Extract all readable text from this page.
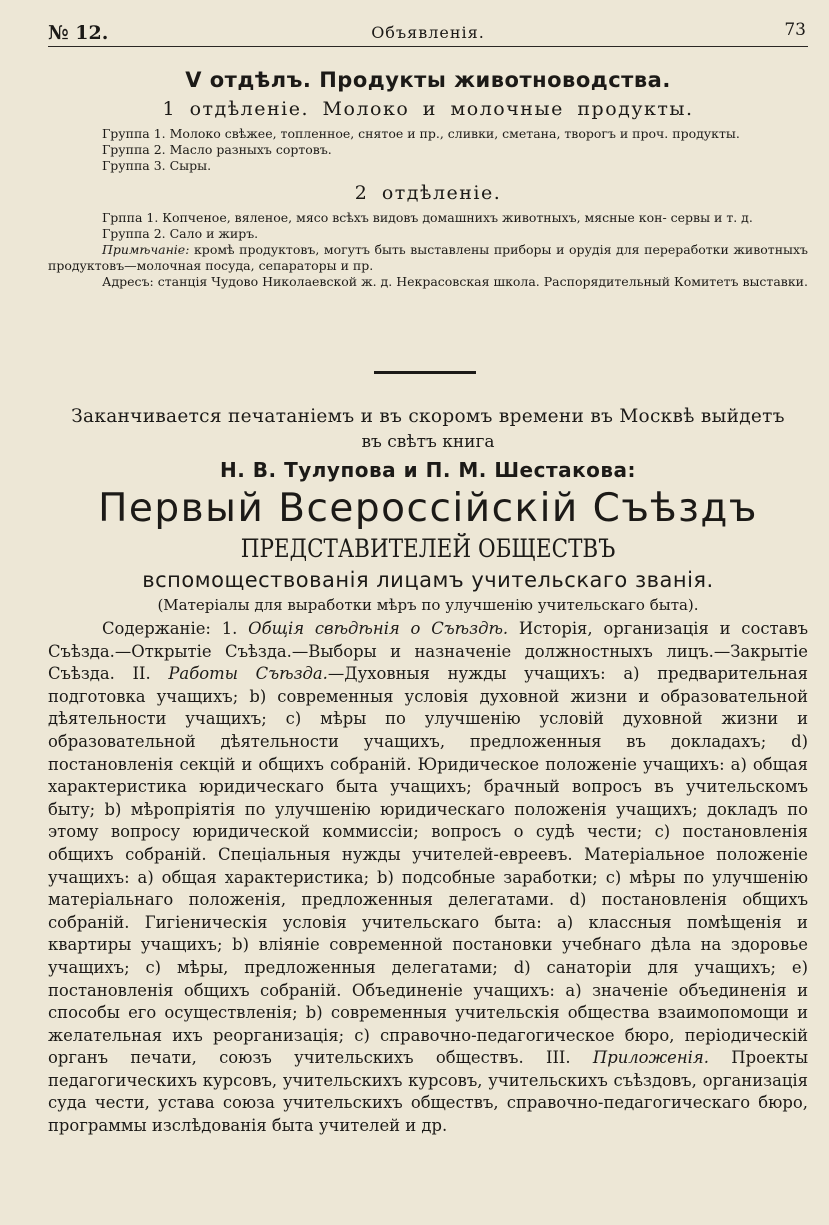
№ 12.	Объявленія.	73

V отдѣлъ. Продукты животноводства.

1 отдѣленіе. Молоко и молочные продукты.

Группа 1. Молоко свѣжее, топленное, снятое и пр., сливки, сметана, творогъ и проч. продукты.

Группа 2. Масло разныхъ сортовъ.

Группа 3. Сыры.

2 отдѣленіе.

Грппа 1. Копченое, вяленое, мясо всѣхъ видовъ домашнихъ животныхъ, мясные кон- сервы и т. д.

Группа 2. Сало и жиръ.

Примѣчаніе: кромѣ продуктовъ, могутъ быть выставлены приборы и орудія для переработки животныхъ продуктовъ—молочная посуда, сепараторы и пр.

Адресъ: станція Чудово Николаевской ж. д. Некрасовская школа. Распорядительный Комитетъ выставки.

Заканчивается печатаніемъ и въ скоромъ времени въ Москвѣ выйдетъ

въ свѣтъ книга

Н. В. Тулупова и П. М. Шестакова:

Первый Всероссійскій Съѣздъ

ПРЕДСТАВИТЕЛЕЙ ОБЩЕСТВЪ

вспомоществованія лицамъ учительскаго званія.

(Матеріалы для выработки мѣръ по улучшенію учительскаго быта).

Содержаніе: 1. Общія свѣдѣнія о Съѣздѣ. Исторія, организація и составъ Съѣзда.—Открытіе Съѣзда.—Выборы и назначеніе должностныхъ лицъ.—Закрытіе Съѣзда. II. Работы Съѣзда.—Духовныя нужды учащихъ: a) предварительная подготовка учащихъ; b) современныя условія духовной жизни и образовательной дѣятельности учащихъ; c) мѣры по улучшенію условій духовной жизни и образовательной дѣятельности учащихъ, предложенныя въ докладахъ; d) постановленія секцій и общихъ собраній. Юридическое положеніе учащихъ: a) общая характеристика юридическаго быта учащихъ; брачный вопросъ въ учительскомъ быту; b) мѣропріятія по улучшенію юридическаго положенія учащихъ; докладъ по этому вопросу юридической коммиссіи; вопросъ о судѣ чести; c) постановленія общихъ собраній. Спеціальныя нужды учителей-евреевъ. Матеріальное положеніе учащихъ: a) общая характеристика; b) подсобные заработки; c) мѣры по улучшенію матеріальнаго положенія, предложенныя делегатами. d) постановленія общихъ собраній. Гигіеническія условія учительскаго быта: a) классныя помѣщенія и квартиры учащихъ; b) вліяніе современной постановки учебнаго дѣла на здоровье учащихъ; c) мѣры, предложенныя делегатами; d) санаторіи для учащихъ; e) постановленія общихъ собраній. Объединеніе учащихъ: a) значеніе объединенія и способы его осуществленія; b) современныя учительскія общества взаимопомощи и желательная ихъ реорганизація; c) справочно-педагогическое бюро, періодическій органъ печати, союзъ учительскихъ обществъ. III. Приложенія. Проекты педагогическихъ курсовъ, учительскихъ курсовъ, учительскихъ съѣздовъ, организація суда чести, устава союза учительскихъ обществъ, справочно-педагогическаго бюро, программы изслѣдованія быта учителей и др.
